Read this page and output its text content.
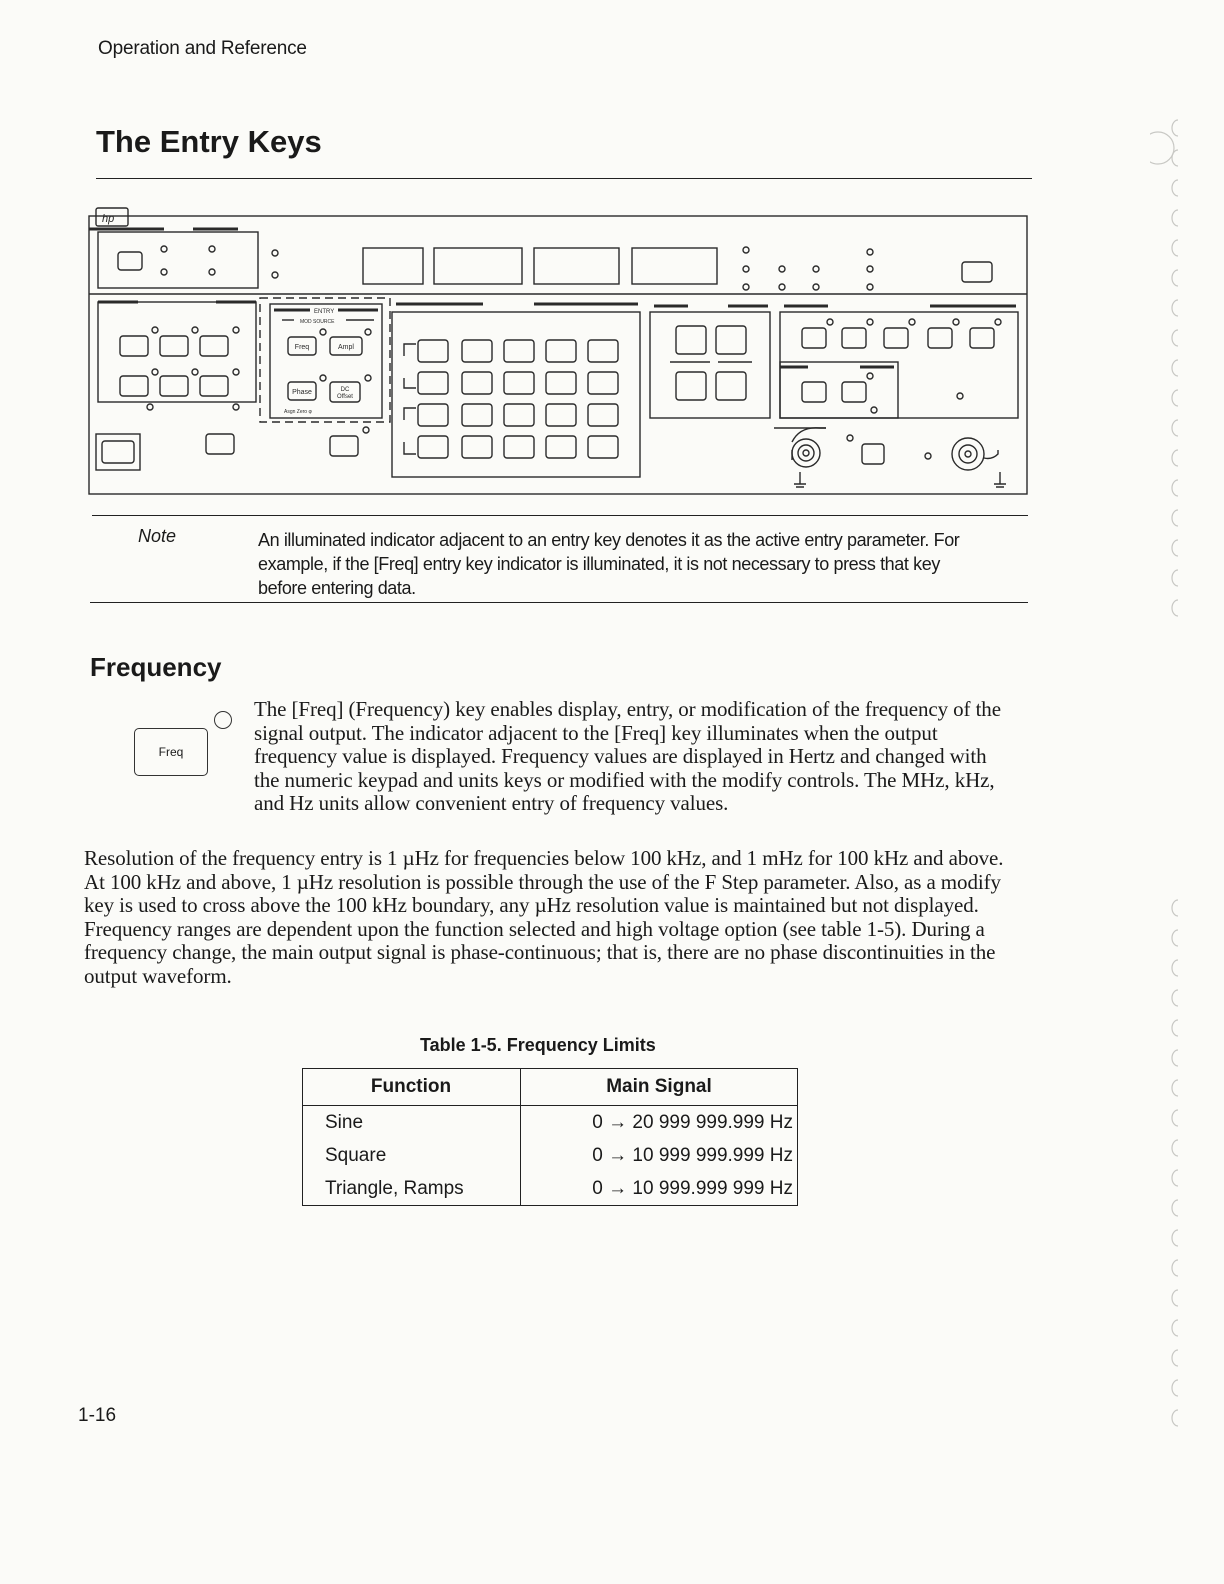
Operation and Reference
The Entry Keys
hp
ENTRY
MOD SOURCE
Freq	Ampl
Phase	DC
Offset
Asgn Zero φ
Note	An illuminated indicator adjacent to an entry key denotes it as the active entry parameter. For example, if the [Freq] entry key indicator is illuminated, it is not necessary to press that key before entering data.
Frequency
Freq
The [Freq] (Frequency) key enables display, entry, or modification of the frequency of the signal output. The indicator adjacent to the [Freq] key illuminates when the output frequency value is displayed. Frequency values are displayed in Hertz and changed with the numeric keypad and units keys or modified with the modify controls. The MHz, kHz, and Hz units allow convenient entry of frequency values.
Resolution of the frequency entry is 1 µHz for frequencies below 100 kHz, and 1 mHz for 100 kHz and above. At 100 kHz and above, 1 µHz resolution is possible through the use of the F Step parameter. Also, as a modify key is used to cross above the 100 kHz boundary, any µHz resolution value is maintained but not displayed. Frequency ranges are dependent upon the function selected and high voltage option (see table 1-5). During a frequency change, the main output signal is phase-continuous; that is, there are no phase discontinuities in the output waveform.
Table 1-5. Frequency Limits
Function	Main Signal
Sine	0 → 20 999 999.999 Hz
Square	0 → 10 999 999.999 Hz
Triangle, Ramps	0 → 10 999.999 999 Hz
1-16
